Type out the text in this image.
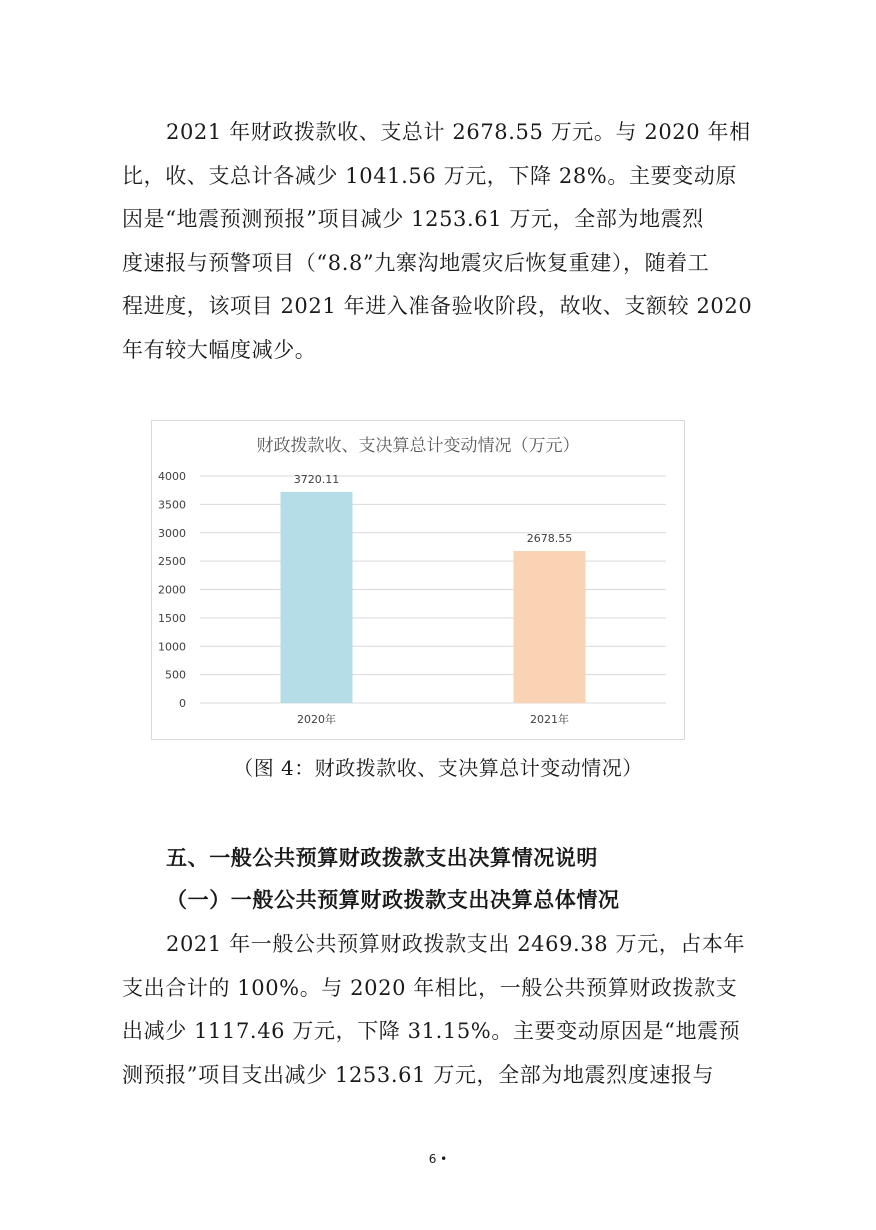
2021 年财政拨款收、支总计 2678.55 万元。与 2020 年相
比，收、支总计各减少 1041.56 万元，下降 28%。主要变动原
因是“地震预测预报”项目减少 1253.61 万元，全部为地震烈
度速报与预警项目（“8.8”九寨沟地震灾后恢复重建），随着工
程进度，该项目 2021 年进入准备验收阶段，故收、支额较 2020
年有较大幅度减少。
财政拨款收、支决算总计变动情况（万元）
0
500
1000
1500
2000
2500
3000
3500
4000	3720.11
2020年
2678.55
2021年
（图 4：财政拨款收、支决算总计变动情况）
五、一般公共预算财政拨款支出决算情况说明
（一）一般公共预算财政拨款支出决算总体情况
2021 年一般公共预算财政拨款支出 2469.38 万元，占本年
支出合计的 100%。与 2020 年相比，一般公共预算财政拨款支
出减少 1117.46 万元，下降 31.15%。主要变动原因是“地震预
测预报”项目支出减少 1253.61 万元，全部为地震烈度速报与
6 •
